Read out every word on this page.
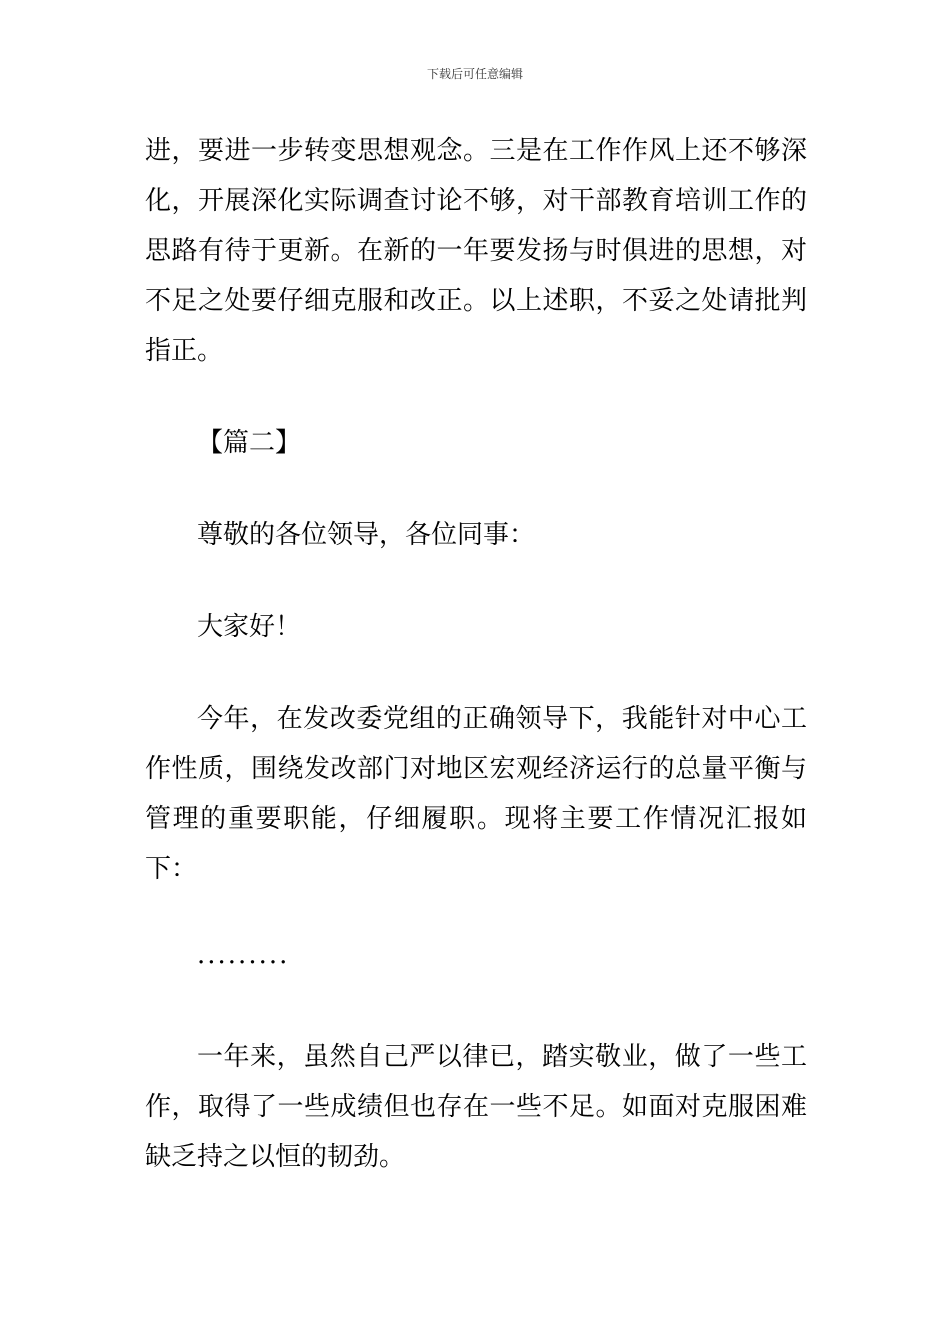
下载后可任意编辑

进，要进一步转变思想观念。三是在工作作风上还不够深化，开展深化实际调查讨论不够，对干部教育培训工作的思路有待于更新。在新的一年要发扬与时俱进的思想，对不足之处要仔细克服和改正。以上述职，不妥之处请批判指正。

【篇二】

尊敬的各位领导，各位同事：

大家好！

今年，在发改委党组的正确领导下，我能针对中心工作性质，围绕发改部门对地区宏观经济运行的总量平衡与管理的重要职能，仔细履职。现将主要工作情况汇报如下：

·········

一年来，虽然自己严以律已，踏实敬业，做了一些工作，取得了一些成绩但也存在一些不足。如面对克服困难缺乏持之以恒的韧劲。
